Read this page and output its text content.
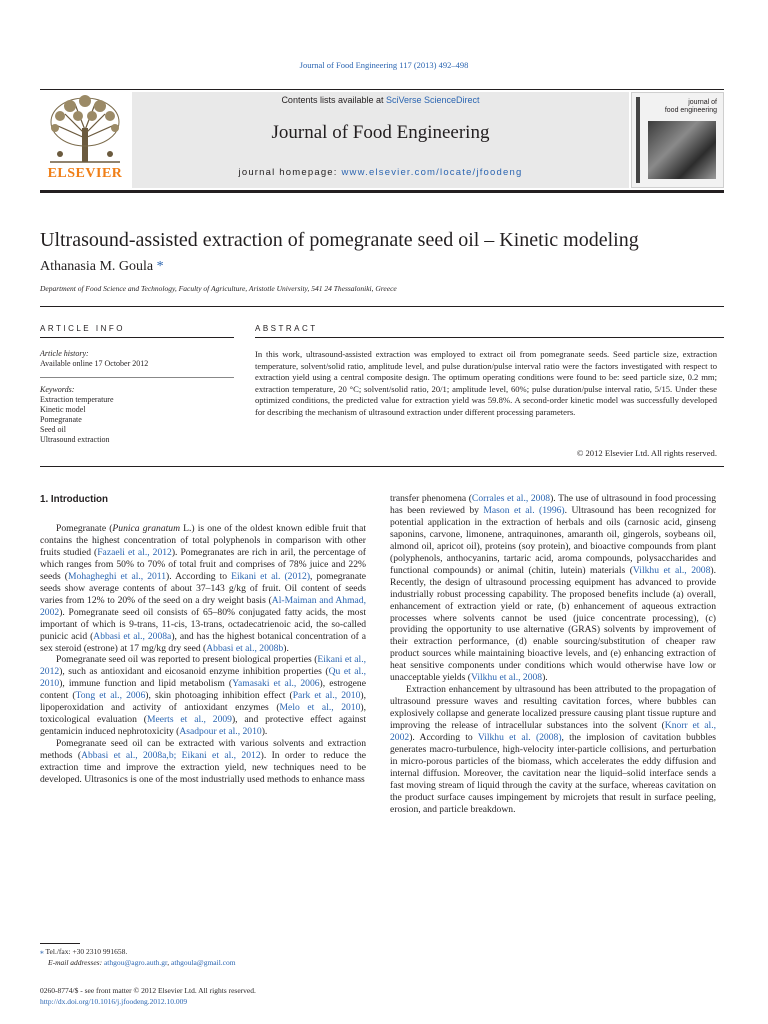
Journal of Food Engineering 117 (2013) 492–498
ELSEVIER
Contents lists available at SciVerse ScienceDirect
Journal of Food Engineering
journal homepage: www.elsevier.com/locate/jfoodeng
journal of
food engineering
Ultrasound-assisted extraction of pomegranate seed oil – Kinetic modeling
Athanasia M. Goula *
Department of Food Science and Technology, Faculty of Agriculture, Aristotle University, 541 24 Thessaloniki, Greece
ARTICLE INFO
Article history:
Available online 17 October 2012
Keywords:
Extraction temperature
Kinetic model
Pomegranate
Seed oil
Ultrasound extraction
ABSTRACT
In this work, ultrasound-assisted extraction was employed to extract oil from pomegranate seeds. Seed particle size, extraction temperature, solvent/solid ratio, amplitude level, and pulse duration/pulse interval ratio were the factors investigated with respect to extraction yield using a central composite design. The optimum operating conditions were found to be: seed particle size, 0.2 mm; extraction temperature, 20 °C; solvent/solid ratio, 20/1; amplitude level, 60%; pulse duration/pulse interval ratio, 5/15. Under these optimized conditions, the predicted value for extraction yield was 59.8%. A second-order kinetic model was successfully developed for describing the mechanism of ultrasound extraction under different processing parameters.
© 2012 Elsevier Ltd. All rights reserved.
1. Introduction

Pomegranate (Punica granatum L.) is one of the oldest known edible fruit that contains the highest concentration of total polyphenols in comparison with other fruits studied (Fazaeli et al., 2012). Pomegranates are rich in aril, the percentage of which ranges from 50% to 70% of total fruit and comprises of 78% juice and 22% seeds (Mohagheghi et al., 2011). According to Eikani et al. (2012), pomegranate seeds show average contents of about 37–143 g/kg of fruit. Oil content of seeds varies from 12% to 20% of the seed on a dry weight basis (Al-Maiman and Ahmad, 2002). Pomegranate seed oil consists of 65–80% conjugated fatty acids, the most important of which is 9-trans, 11-cis, 13-trans, octadecatrienoic acid, the so-called punicic acid (Abbasi et al., 2008a), and has the highest botanical concentration of a sex steroid (estrone) at 17 mg/kg dry seed (Abbasi et al., 2008b).

Pomegranate seed oil was reported to present biological properties (Eikani et al., 2012), such as antioxidant and eicosanoid enzyme inhibition properties (Qu et al., 2010), immune function and lipid metabolism (Yamasaki et al., 2006), estrogene content (Tong et al., 2006), skin photoaging inhibition effect (Park et al., 2010), lipoperoxidation and activity of antioxidant enzymes (Melo et al., 2010), toxicological evaluation (Meerts et al., 2009), and protective effect against gentamicin induced nephrotoxicity (Asadpour et al., 2010).

Pomegranate seed oil can be extracted with various solvents and extraction methods (Abbasi et al., 2008a,b; Eikani et al., 2012). In order to reduce the extraction time and improve the extraction yield, new techniques need to be developed. Ultrasonics is one of the most industrially used methods to enhance mass

transfer phenomena (Corrales et al., 2008). The use of ultrasound in food processing has been reviewed by Mason et al. (1996). Ultrasound has been recognized for potential application in the extraction of herbals and oils (carnosic acid, ginseng saponins, carvone, limonene, antraquinones, amaranth oil, gingerols, soybeans oil, almond oil, apricot oil), proteins (soy protein), and bioactive compounds from plant (polyphenols, anthocyanins, tartaric acid, aroma compounds, polysaccharides and functional compounds) or animal (chitin, lutein) materials (Vilkhu et al., 2008). Recently, the design of ultrasound processing equipment has advanced to provide industrially robust processing capability. The proposed benefits include (a) overall, enhancement of extraction yield or rate, (b) enhancement of aqueous extraction processes where solvents cannot be used (juice concentrate processing), (c) providing the opportunity to use alternative (GRAS) solvents by improvement of their extraction performance, (d) enable sourcing/substitution of cheaper raw product sources while maintaining bioactive levels, and (e) enhancing extraction of heat sensitive components under conditions which would otherwise have low or unacceptable yields (Vilkhu et al., 2008).

Extraction enhancement by ultrasound has been attributed to the propagation of ultrasound pressure waves and resulting cavitation forces, where bubbles can explosively collapse and generate localized pressure causing plant tissue rupture and improving the release of intracellular substances into the solvent (Knorr et al., 2002). According to Vilkhu et al. (2008), the implosion of cavitation bubbles generates macro-turbulence, high-velocity inter-particle collisions, and perturbation in micro-porous particles of the biomass, which accelerates the eddy diffusion and internal diffusion. Moreover, the cavitation near the liquid–solid interface sends a fast moving stream of liquid through the cavity at the surface, whereas cavitation on the product surface causes impingement by microjets that result in surface peeling, erosion, and particle breakdown.

⁎ Tel./fax: +30 2310 991658.
E-mail addresses: athgou@agro.auth.gr, athgoula@gmail.com
0260-8774/$ - see front matter © 2012 Elsevier Ltd. All rights reserved.
http://dx.doi.org/10.1016/j.jfoodeng.2012.10.009
